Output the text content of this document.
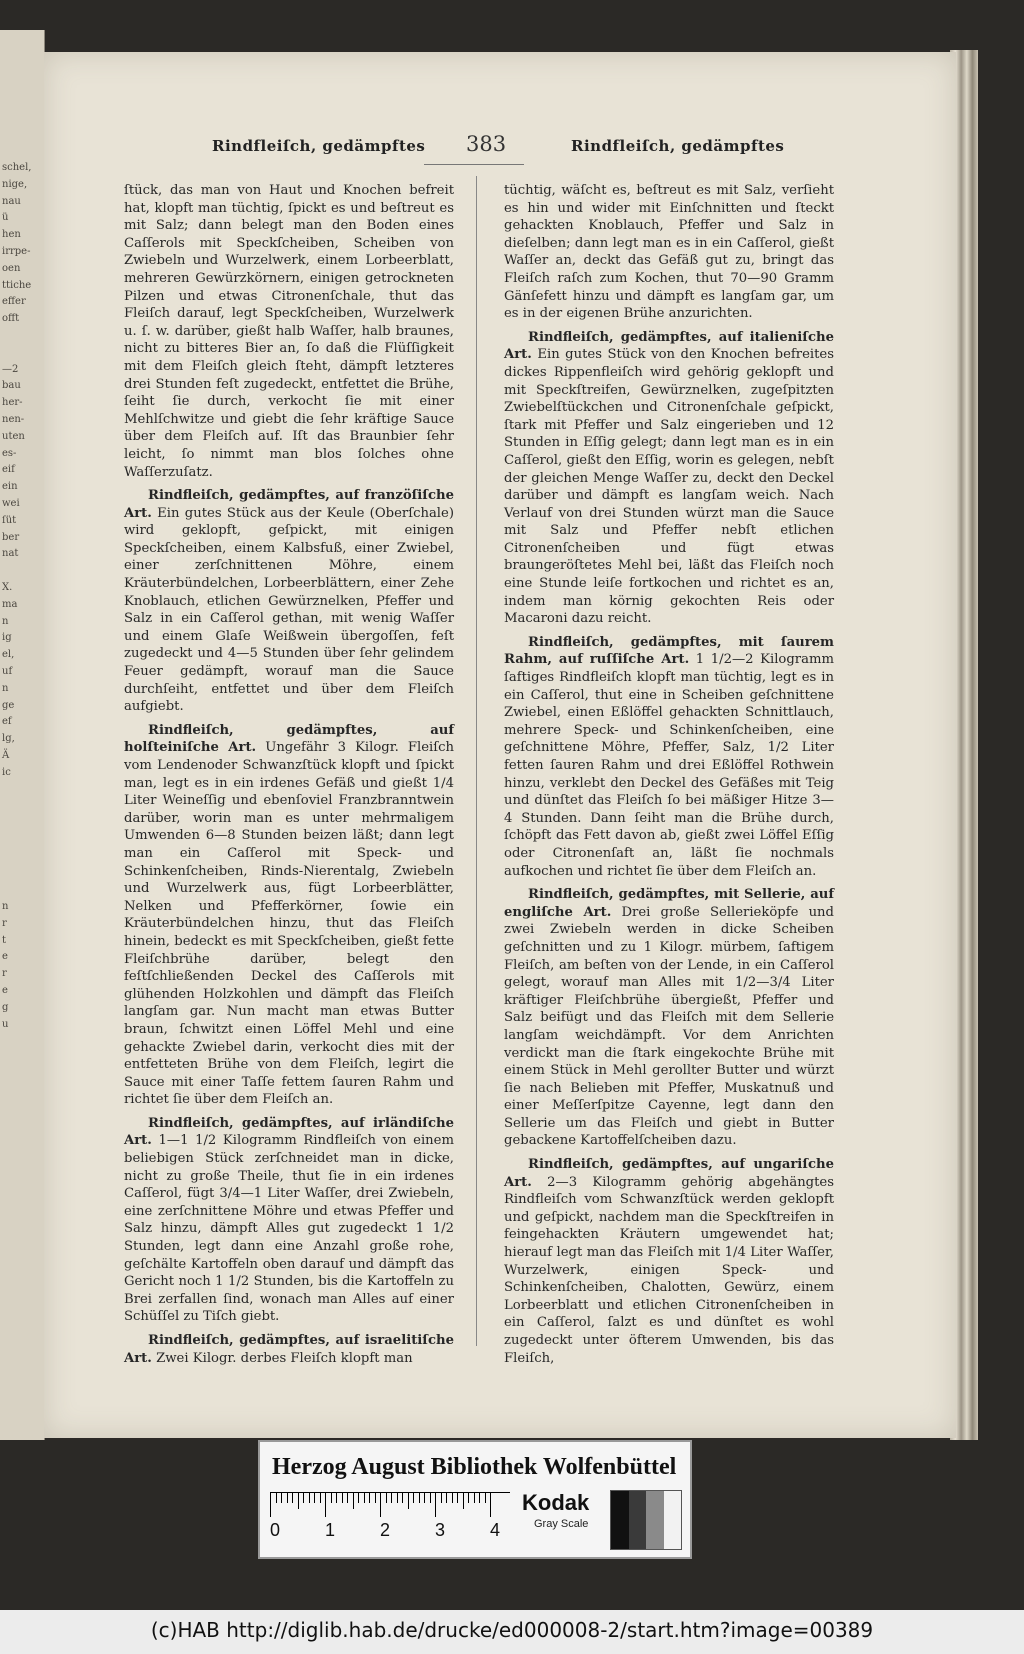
schel,
nige,
nau
ü
hen
irrpe-
oen
ttiche
effer
offt

—2
bau
her-
nen-
uten
es-
eif
ein
wei
ſüt
ber
nat

X.
ma
n
ig
el,
uf
n
ge
ef
lg,
Ä
ic

n
r
t
e
r
e
g
u
Rindfleiſch, gedämpftes 383	Rindfleiſch, gedämpftes

ſtück, das man von Haut und Knochen befreit hat, klopft man tüchtig, ſpickt es und beſtreut es mit Salz; dann belegt man den Boden eines Caſſerols mit Speckſcheiben, Scheiben von Zwiebeln und Wurzelwerk, einem Lorbeerblatt, mehreren Gewürzkörnern, einigen getrockneten Pilzen und etwas Citronenſchale, thut das Fleiſch darauf, legt Speckſcheiben, Wurzelwerk u. ſ. w. darüber, gießt halb Waſſer, halb braunes, nicht zu bitteres Bier an, ſo daß die Flüſſigkeit mit dem Fleiſch gleich ſteht, dämpft letzteres drei Stunden feſt zugedeckt, entfettet die Brühe, ſeiht ſie durch, verkocht ſie mit einer Mehlſchwitze und giebt die ſehr kräftige Sauce über dem Fleiſch auf. Iſt das Braunbier ſehr leicht, ſo nimmt man blos ſolches ohne Waſſerzuſatz.

Rindfleiſch, gedämpftes, auf franzöſiſche Art. Ein gutes Stück aus der Keule (Oberſchale) wird geklopft, geſpickt, mit einigen Speckſcheiben, einem Kalbsfuß, einer Zwiebel, einer zerſchnittenen Möhre, einem Kräuterbündelchen, Lorbeerblättern, einer Zehe Knoblauch, etlichen Gewürznelken, Pfeffer und Salz in ein Caſſerol gethan, mit wenig Waſſer und einem Glaſe Weißwein übergoſſen, feſt zugedeckt und 4—5 Stunden über ſehr gelindem Feuer gedämpft, worauf man die Sauce durchſeiht, entfettet und über dem Fleiſch aufgiebt.

Rindfleiſch, gedämpftes, auf holſteiniſche Art. Ungefähr 3 Kilogr. Fleiſch vom Lendenoder Schwanzſtück klopft und ſpickt man, legt es in ein irdenes Gefäß und gießt 1/4 Liter Weineſſig und ebenſoviel Franzbranntwein darüber, worin man es unter mehrmaligem Umwenden 6—8 Stunden beizen läßt; dann legt man ein Caſſerol mit Speck- und Schinkenſcheiben, Rinds-Nierentalg, Zwiebeln und Wurzelwerk aus, fügt Lorbeerblätter, Nelken und Pfefferkörner, ſowie ein Kräuterbündelchen hinzu, thut das Fleiſch hinein, bedeckt es mit Speckſcheiben, gießt fette Fleiſchbrühe darüber, belegt den feſtſchließenden Deckel des Caſſerols mit glühenden Holzkohlen und dämpft das Fleiſch langſam gar. Nun macht man etwas Butter braun, ſchwitzt einen Löffel Mehl und eine gehackte Zwiebel darin, verkocht dies mit der entfetteten Brühe von dem Fleiſch, legirt die Sauce mit einer Taſſe fettem ſauren Rahm und richtet ſie über dem Fleiſch an.

Rindfleiſch, gedämpftes, auf irländiſche Art. 1—1 1/2 Kilogramm Rindfleiſch von einem beliebigen Stück zerſchneidet man in dicke, nicht zu große Theile, thut ſie in ein irdenes Caſſerol, fügt 3/4—1 Liter Waſſer, drei Zwiebeln, eine zerſchnittene Möhre und etwas Pfeffer und Salz hinzu, dämpft Alles gut zugedeckt 1 1/2 Stunden, legt dann eine Anzahl große rohe, geſchälte Kartoffeln oben darauf und dämpft das Gericht noch 1 1/2 Stunden, bis die Kartoffeln zu Brei zerfallen ſind, wonach man Alles auf einer Schüſſel zu Tiſch giebt.

Rindfleiſch, gedämpftes, auf israelitiſche Art. Zwei Kilogr. derbes Fleiſch klopft man

tüchtig, wäſcht es, beſtreut es mit Salz, verſieht es hin und wider mit Einſchnitten und ſteckt gehackten Knoblauch, Pfeffer und Salz in dieſelben; dann legt man es in ein Caſſerol, gießt Waſſer an, deckt das Gefäß gut zu, bringt das Fleiſch raſch zum Kochen, thut 70—90 Gramm Gänſefett hinzu und dämpft es langſam gar, um es in der eigenen Brühe anzurichten.

Rindfleiſch, gedämpftes, auf italieniſche Art. Ein gutes Stück von den Knochen befreites dickes Rippenfleiſch wird gehörig geklopft und mit Speckſtreifen, Gewürznelken, zugeſpitzten Zwiebelſtückchen und Citronenſchale geſpickt, ſtark mit Pfeffer und Salz eingerieben und 12 Stunden in Eſſig gelegt; dann legt man es in ein Caſſerol, gießt den Eſſig, worin es gelegen, nebſt der gleichen Menge Waſſer zu, deckt den Deckel darüber und dämpft es langſam weich. Nach Verlauf von drei Stunden würzt man die Sauce mit Salz und Pfeffer nebſt etlichen Citronenſcheiben und fügt etwas braungeröſtetes Mehl bei, läßt das Fleiſch noch eine Stunde leiſe fortkochen und richtet es an, indem man körnig gekochten Reis oder Macaroni dazu reicht.

Rindfleiſch, gedämpftes, mit ſaurem Rahm, auf ruſſiſche Art. 1 1/2—2 Kilogramm ſaftiges Rindfleiſch klopft man tüchtig, legt es in ein Caſſerol, thut eine in Scheiben geſchnittene Zwiebel, einen Eßlöffel gehackten Schnittlauch, mehrere Speck- und Schinkenſcheiben, eine geſchnittene Möhre, Pfeffer, Salz, 1/2 Liter fetten ſauren Rahm und drei Eßlöffel Rothwein hinzu, verklebt den Deckel des Gefäßes mit Teig und dünſtet das Fleiſch ſo bei mäßiger Hitze 3—4 Stunden. Dann ſeiht man die Brühe durch, ſchöpft das Fett davon ab, gießt zwei Löffel Eſſig oder Citronenſaft an, läßt ſie nochmals aufkochen und richtet ſie über dem Fleiſch an.

Rindfleiſch, gedämpftes, mit Sellerie, auf engliſche Art. Drei große Sellerieköpfe und zwei Zwiebeln werden in dicke Scheiben geſchnitten und zu 1 Kilogr. mürbem, ſaftigem Fleiſch, am beſten von der Lende, in ein Caſſerol gelegt, worauf man Alles mit 1/2—3/4 Liter kräftiger Fleiſchbrühe übergießt, Pfeffer und Salz beifügt und das Fleiſch mit dem Sellerie langſam weichdämpft. Vor dem Anrichten verdickt man die ſtark eingekochte Brühe mit einem Stück in Mehl gerollter Butter und würzt ſie nach Belieben mit Pfeffer, Muskatnuß und einer Meſſerſpitze Cayenne, legt dann den Sellerie um das Fleiſch und giebt in Butter gebackene Kartoffelſcheiben dazu.

Rindfleiſch, gedämpftes, auf ungariſche Art. 2—3 Kilogramm gehörig abgehängtes Rindfleiſch vom Schwanzſtück werden geklopft und geſpickt, nachdem man die Speckſtreifen in feingehackten Kräutern umgewendet hat; hierauf legt man das Fleiſch mit 1/4 Liter Waſſer, Wurzelwerk, einigen Speck- und Schinkenſcheiben, Chalotten, Gewürz, einem Lorbeerblatt und etlichen Citronenſcheiben in ein Caſſerol, ſalzt es und dünſtet es wohl zugedeckt unter öfterem Umwenden, bis das Fleiſch,

Herzog August Bibliothek Wolfenbüttel
0 1 2 3 4
Kodak
Gray Scale
(c)HAB http://diglib.hab.de/drucke/ed000008-2/start.htm?image=00389
